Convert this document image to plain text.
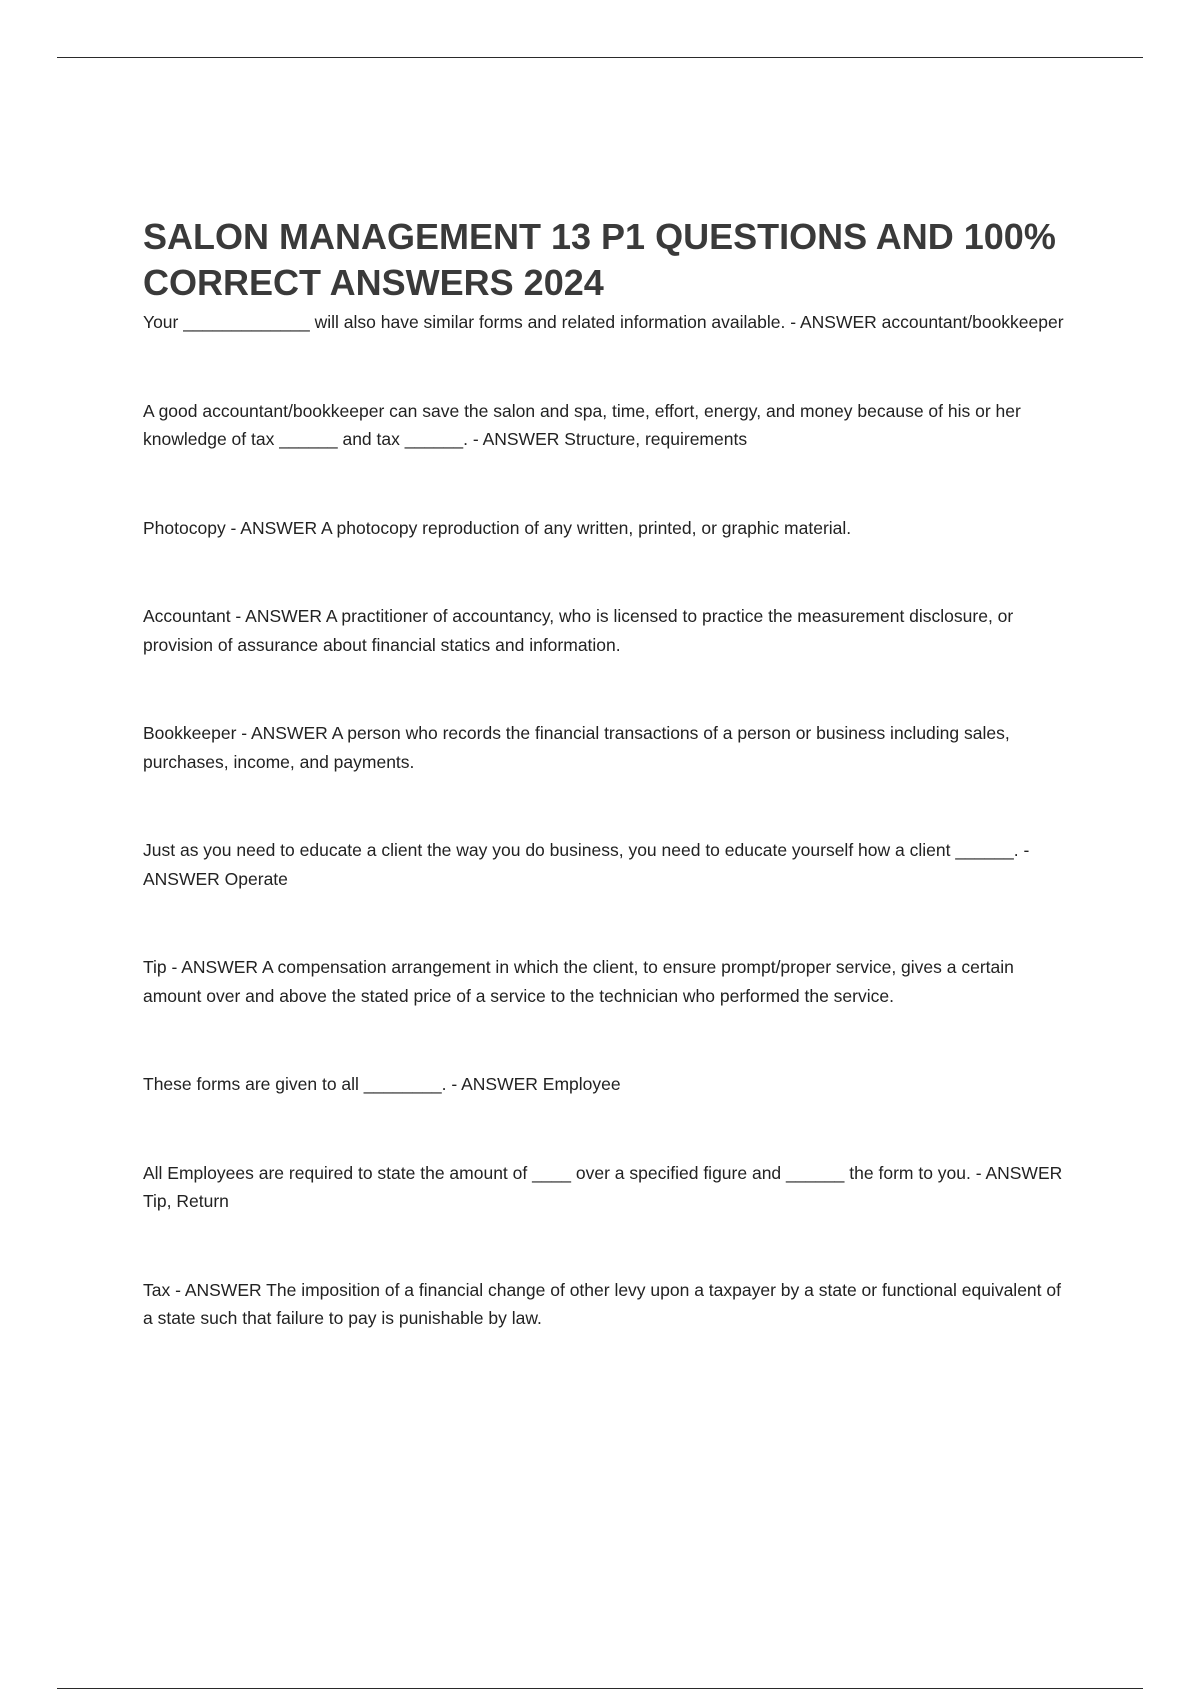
SALON MANAGEMENT 13 P1 QUESTIONS AND 100% CORRECT ANSWERS 2024

Your _____________ will also have similar forms and related information available. - ANSWER accountant/bookkeeper

A good accountant/bookkeeper can save the salon and spa, time, effort, energy, and money because of his or her knowledge of tax ______ and tax ______. - ANSWER Structure, requirements

Photocopy - ANSWER A photocopy reproduction of any written, printed, or graphic material.

Accountant - ANSWER A practitioner of accountancy, who is licensed to practice the measurement disclosure, or provision of assurance about financial statics and information.

Bookkeeper - ANSWER A person who records the financial transactions of a person or business including sales, purchases, income, and payments.

Just as you need to educate a client the way you do business, you need to educate yourself how a client ______. - ANSWER Operate

Tip - ANSWER A compensation arrangement in which the client, to ensure prompt/proper service, gives a certain amount over and above the stated price of a service to the technician who performed the service.

These forms are given to all ________. - ANSWER Employee

All Employees are required to state the amount of ____ over a specified figure and ______ the form to you. - ANSWER Tip, Return

Tax - ANSWER The imposition of a financial change of other levy upon a taxpayer by a state or functional equivalent of a state such that failure to pay is punishable by law.
